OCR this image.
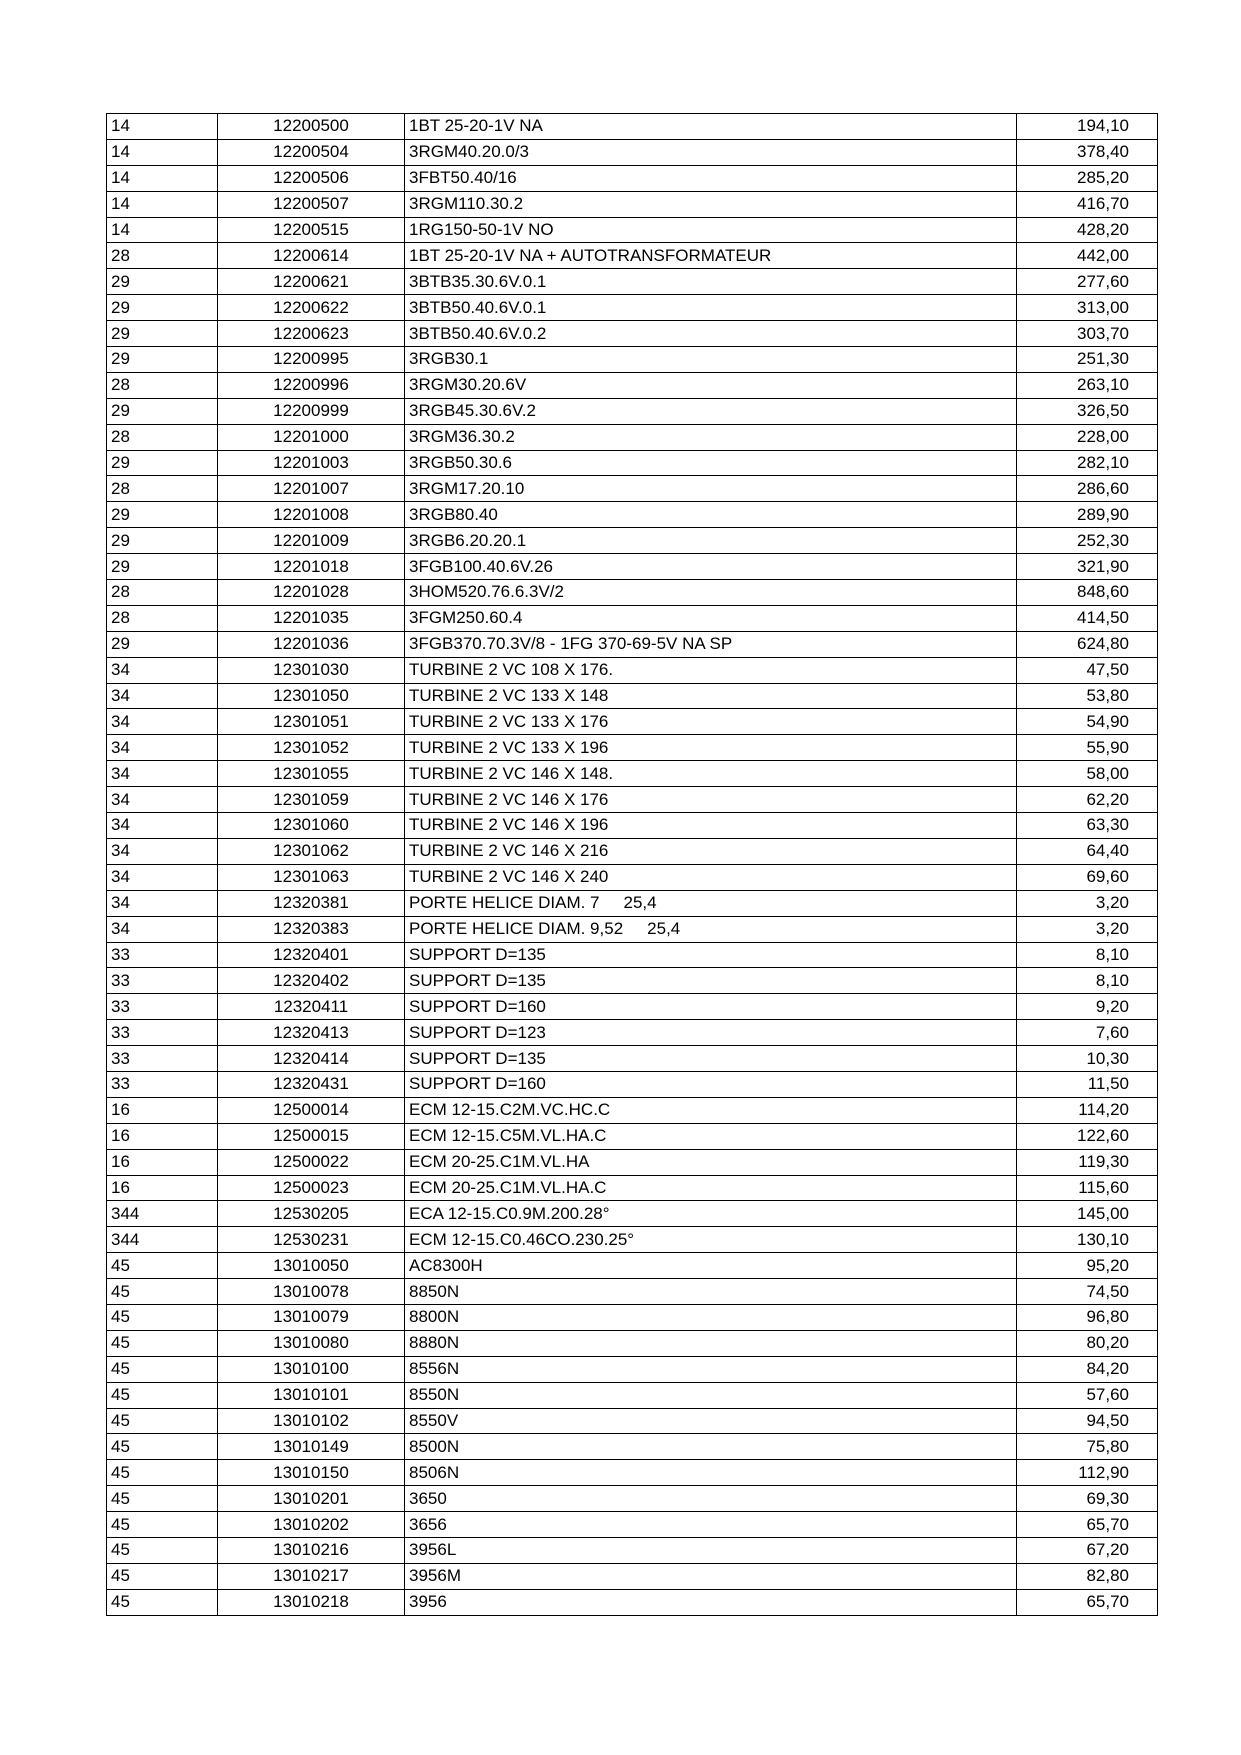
14	12200500	1BT 25-20-1V NA	194,10
14	12200504	3RGM40.20.0/3	378,40
14	12200506	3FBT50.40/16	285,20
14	12200507	3RGM110.30.2	416,70
14	12200515	1RG150-50-1V NO	428,20
28	12200614	1BT 25-20-1V NA + AUTOTRANSFORMATEUR	442,00
29	12200621	3BTB35.30.6V.0.1	277,60
29	12200622	3BTB50.40.6V.0.1	313,00
29	12200623	3BTB50.40.6V.0.2	303,70
29	12200995	3RGB30.1	251,30
28	12200996	3RGM30.20.6V	263,10
29	12200999	3RGB45.30.6V.2	326,50
28	12201000	3RGM36.30.2	228,00
29	12201003	3RGB50.30.6	282,10
28	12201007	3RGM17.20.10	286,60
29	12201008	3RGB80.40	289,90
29	12201009	3RGB6.20.20.1	252,30
29	12201018	3FGB100.40.6V.26	321,90
28	12201028	3HOM520.76.6.3V/2	848,60
28	12201035	3FGM250.60.4	414,50
29	12201036	3FGB370.70.3V/8 - 1FG 370-69-5V NA SP	624,80
34	12301030	TURBINE 2 VC 108 X 176.	47,50
34	12301050	TURBINE 2 VC 133 X 148	53,80
34	12301051	TURBINE 2 VC 133 X 176	54,90
34	12301052	TURBINE 2 VC 133 X 196	55,90
34	12301055	TURBINE 2 VC 146 X 148.	58,00
34	12301059	TURBINE 2 VC 146 X 176	62,20
34	12301060	TURBINE 2 VC 146 X 196	63,30
34	12301062	TURBINE 2 VC 146 X 216	64,40
34	12301063	TURBINE 2 VC 146 X 240	69,60
34	12320381	PORTE HELICE DIAM. 7 25,4	3,20
34	12320383	PORTE HELICE DIAM. 9,52 25,4	3,20
33	12320401	SUPPORT D=135	8,10
33	12320402	SUPPORT D=135	8,10
33	12320411	SUPPORT D=160	9,20
33	12320413	SUPPORT D=123	7,60
33	12320414	SUPPORT D=135	10,30
33	12320431	SUPPORT D=160	11,50
16	12500014	ECM 12-15.C2M.VC.HC.C	114,20
16	12500015	ECM 12-15.C5M.VL.HA.C	122,60
16	12500022	ECM 20-25.C1M.VL.HA	119,30
16	12500023	ECM 20-25.C1M.VL.HA.C	115,60
344	12530205	ECA 12-15.C0.9M.200.28°	145,00
344	12530231	ECM 12-15.C0.46CO.230.25°	130,10
45	13010050	AC8300H	95,20
45	13010078	8850N	74,50
45	13010079	8800N	96,80
45	13010080	8880N	80,20
45	13010100	8556N	84,20
45	13010101	8550N	57,60
45	13010102	8550V	94,50
45	13010149	8500N	75,80
45	13010150	8506N	112,90
45	13010201	3650	69,30
45	13010202	3656	65,70
45	13010216	3956L	67,20
45	13010217	3956M	82,80
45	13010218	3956	65,70
